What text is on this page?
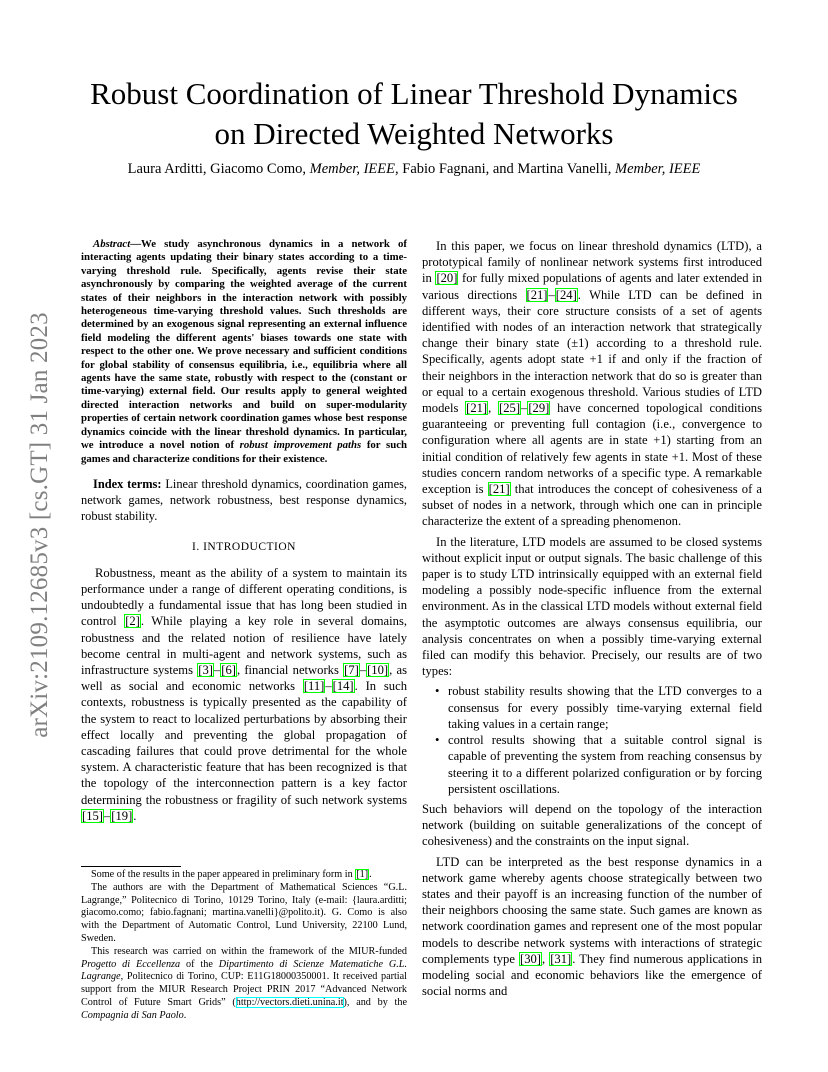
arXiv:2109.12685v3 [cs.GT] 31 Jan 2023
Robust Coordination of Linear Threshold Dynamics
on Directed Weighted Networks
Laura Arditti, Giacomo Como, Member, IEEE, Fabio Fagnani, and Martina Vanelli, Member, IEEE

Abstract—We study asynchronous dynamics in a network of interacting agents updating their binary states according to a time-varying threshold rule. Specifically, agents revise their state asynchronously by comparing the weighted average of the current states of their neighbors in the interaction network with possibly heterogeneous time-varying threshold values. Such thresholds are determined by an exogenous signal representing an external influence field modeling the different agents' biases towards one state with respect to the other one. We prove necessary and sufficient conditions for global stability of consensus equilibria, i.e., equilibria where all agents have the same state, robustly with respect to the (constant or time-varying) external field. Our results apply to general weighted directed interaction networks and build on super-modularity properties of certain network coordination games whose best response dynamics coincide with the linear threshold dynamics. In particular, we introduce a novel notion of robust improvement paths for such games and characterize conditions for their existence.

Index terms: Linear threshold dynamics, coordination games, network games, network robustness, best response dynamics, robust stability.

I. INTRODUCTION

Robustness, meant as the ability of a system to maintain its performance under a range of different operating conditions, is undoubtedly a fundamental issue that has long been studied in control [2]. While playing a key role in several domains, robustness and the related notion of resilience have lately become central in multi-agent and network systems, such as infrastructure systems [3]–[6], financial networks [7]–[10], as well as social and economic networks [11]–[14]. In such contexts, robustness is typically presented as the capability of the system to react to localized perturbations by absorbing their effect locally and preventing the global propagation of cascading failures that could prove detrimental for the whole system. A characteristic feature that has been recognized is that the topology of the interconnection pattern is a key factor determining the robustness or fragility of such network systems [15]–[19].

Some of the results in the paper appeared in preliminary form in [1].

The authors are with the Department of Mathematical Sciences “G.L. Lagrange,” Politecnico di Torino, 10129 Torino, Italy (e-mail: {laura.arditti; giacomo.como; fabio.fagnani; martina.vanelli}@polito.it). G. Como is also with the Department of Automatic Control, Lund University, 22100 Lund, Sweden.

This research was carried on within the framework of the MIUR-funded Progetto di Eccellenza of the Dipartimento di Scienze Matematiche G.L. Lagrange, Politecnico di Torino, CUP: E11G18000350001. It received partial support from the MIUR Research Project PRIN 2017 “Advanced Network Control of Future Smart Grids” (http://vectors.dieti.unina.it), and by the Compagnia di San Paolo.

In this paper, we focus on linear threshold dynamics (LTD), a prototypical family of nonlinear network systems first introduced in [20] for fully mixed populations of agents and later extended in various directions [21]–[24]. While LTD can be defined in different ways, their core structure consists of a set of agents identified with nodes of an interaction network that strategically change their binary state (±1) according to a threshold rule. Specifically, agents adopt state +1 if and only if the fraction of their neighbors in the interaction network that do so is greater than or equal to a certain exogenous threshold. Various studies of LTD models [21], [25]–[29] have concerned topological conditions guaranteeing or preventing full contagion (i.e., convergence to configuration where all agents are in state +1) starting from an initial condition of relatively few agents in state +1. Most of these studies concern random networks of a specific type. A remarkable exception is [21] that introduces the concept of cohesiveness of a subset of nodes in a network, through which one can in principle characterize the extent of a spreading phenomenon.

In the literature, LTD models are assumed to be closed systems without explicit input or output signals. The basic challenge of this paper is to study LTD intrinsically equipped with an external field modeling a possibly node-specific influence from the external environment. As in the classical LTD models without external field the asymptotic outcomes are always consensus equilibria, our analysis concentrates on when a possibly time-varying external filed can modify this behavior. Precisely, our results are of two types:

• robust stability results showing that the LTD converges to a consensus for every possibly time-varying external field taking values in a certain range;
• control results showing that a suitable control signal is capable of preventing the system from reaching consensus by steering it to a different polarized configuration or by forcing persistent oscillations.

Such behaviors will depend on the topology of the interaction network (building on suitable generalizations of the concept of cohesiveness) and the constraints on the input signal.

LTD can be interpreted as the best response dynamics in a network game whereby agents choose strategically between two states and their payoff is an increasing function of the number of their neighbors choosing the same state. Such games are known as network coordination games and represent one of the most popular models to describe network systems with interactions of strategic complements type [30], [31]. They find numerous applications in modeling social and economic behaviors like the emergence of social norms and
